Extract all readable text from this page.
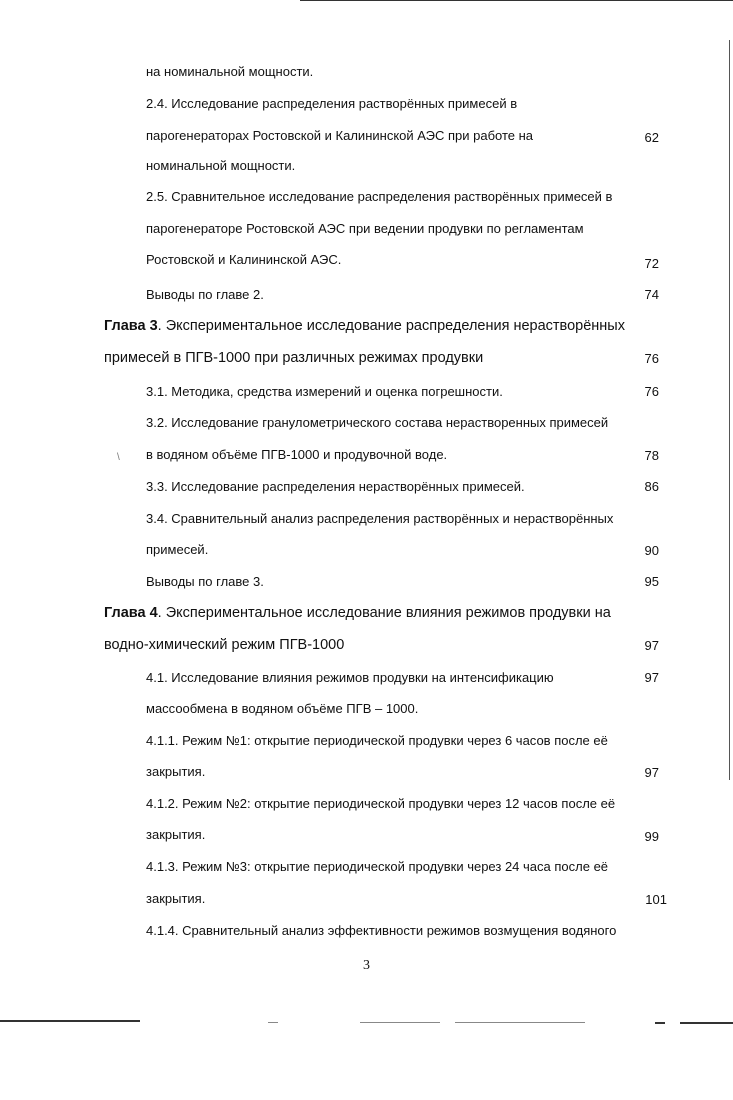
\
на номинальной мощности.
2.4. Исследование распределения растворённых примесей в
парогенераторах Ростовской и Калининской АЭС при работе на	62
номинальной мощности.
2.5. Сравнительное исследование распределения растворённых примесей в
парогенераторе Ростовской АЭС при ведении продувки по регламентам
Ростовской и Калининской АЭС.	72
Выводы по главе 2.	74
Глава 3. Экспериментальное исследование распределения нерастворённых
примесей в ПГВ-1000 при различных режимах продувки	76
3.1. Методика, средства измерений и оценка погрешности.	76
3.2. Исследование гранулометрического состава нерастворенных примесей
в водяном объёме ПГВ-1000 и продувочной воде.	78
3.3. Исследование распределения нерастворённых примесей.	86
3.4. Сравнительный анализ распределения растворённых и нерастворённых
примесей.	90
Выводы по главе 3.	95
Глава 4. Экспериментальное исследование влияния режимов продувки на
водно-химический режим ПГВ-1000	97
4.1. Исследование влияния режимов продувки на интенсификацию	97
массообмена в водяном объёме ПГВ – 1000.
4.1.1. Режим №1: открытие периодической продувки через 6 часов после её
закрытия.	97
4.1.2. Режим №2: открытие периодической продувки через 12 часов после её
закрытия.	99
4.1.3. Режим №3: открытие периодической продувки через 24 часа после её
закрытия.	101
4.1.4. Сравнительный анализ эффективности режимов возмущения водяного
3
